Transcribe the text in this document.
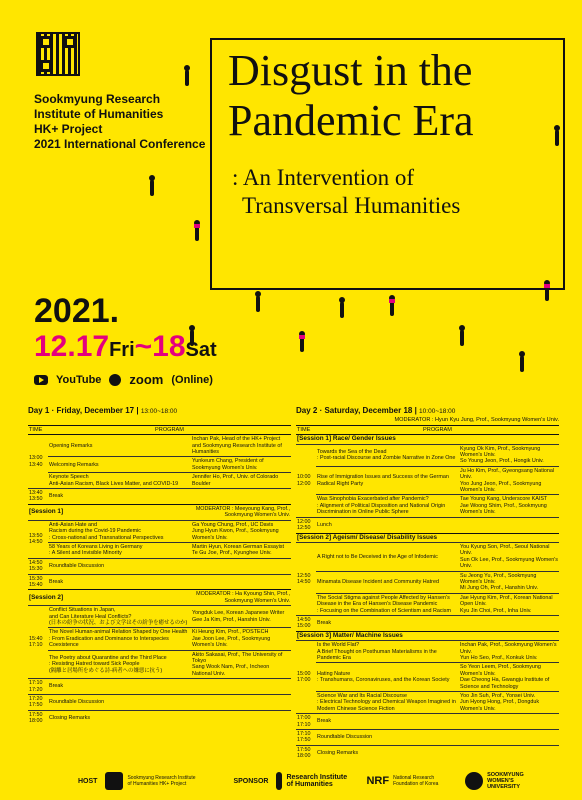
Sookmyung Research
Institute of Humanities
HK+ Project
2021 International Conference
Disgust in the
Pandemic Era
: An Intervention of
Transversal Humanities
2021.
12.17Fri~18Sat
YouTube zoom (Online)
Day 1 · Friday, December 17 | 13:00~18:00
TIME	PROGRAM	
13:00
13:40	Opening Remarks	Inchan Pak, Head of the HK+ Project and Sookmyung Research Institute of Humanities
	Welcoming Remarks	Yunkeum Chang, President of Sookmyung Women's Univ.
	Keynote Speech
Anti-Asian Racism, Black Lives Matter, and COVID-19	Jennifer Ho, Prof., Univ. of Colorado Boulder
13:40
13:50	Break	
[Session 1]		MODERATOR : Meeyoung Kang, Prof., Sookmyung Women's Univ.
13:50
14:50	Anti-Asian Hate and
Racism during the Covid-19 Pandemic
: Cross-national and Transnational Perspectives	Ga Young Chung, Prof., UC Davis
Jung Hyun Kwon, Prof., Sookmyung Women's Univ.
	58 Years of Koreans Living in Germany
: A Silent and Invisible Minority	Martin Hyun, Korean German Essayist
Te Gu Joe, Prof., Kyunghee Univ.
14:50
15:30	Roundtable Discussion	
15:30
15:40	Break	
[Session 2]		MODERATOR : Ha Kyoung Shin, Prof., Sookmyung Women's Univ.
15:40
17:10	Conflict Situations in Japan,
and Can Literature Heal Conflicts?
(日本の紛争の状況、および文学はその紛争を癒せるのか)	Yongduk Lee, Korean Japanese Writer
Gee Ja Kim, Prof., Hanshin Univ.
	The Novel Human-animal Relation Shaped by One Health
: From Eradication and Dominance to Interspecies Coexistence	Ki Heung Kim, Prof., POSTECH
Jae Joon Lee, Prof., Sookmyung Women's Univ.
	The Poetry about Quarantine and the Third Place
: Resisting Hatred toward Sick People
(隔離と居場所をめぐる詩-病者への嫌悪に抗う)	Akito Sakasai, Prof., The University of Tokyo
Sang Wook Nam, Prof., Incheon National Univ.
17:10
17:20	Break	
17:20
17:50	Roundtable Discussion	
17:50
18:00	Closing Remarks	
Day 2 · Saturday, December 18 | 10:00~18:00
MODERATOR : Hyun Kyu Jung, Prof., Sookmyung Women's Univ.
TIME	PROGRAM	
[Session 1] Race/ Gender Issues		
10:00
12:00	Towards the Sea of the Dead
: Post-racial Discourse and Zombie Narrative in Zone One	Kyung Ok Kim, Prof., Sookmyung Women's Univ.
So Young Jeon, Prof., Hongik Univ.
	Rise of Immigration Issues and Success of the German Radical Right Party	Ju Ho Kim, Prof., Gyeongsang National Univ.
Yoo Jung Jeon, Prof., Sookmyung Women's Univ.
	Was Sinophobia Exacerbated after Pandemic?
: Alignment of Political Disposition and National Origin Discrimination in Online Public Sphere	Tae Young Kang, Underscore KAIST
Jae Woong Shim, Prof., Sookmyung Women's Univ.
12:00
12:50	Lunch	
[Session 2] Ageism/ Disease/ Disability Issues		
12:50
14:50	A Right not to Be Deceived in the Age of Infodemic	You Kyung Son, Prof., Seoul National Univ.
Sun Ok Lee, Prof., Sookmyung Women's Univ.
	Minamata Disease Incident and Community Hatred	Su Jeong Yu, Prof., Sookmyung Women's Univ.
Mi Jung Oh, Prof., Hanshin Univ.
	The Social Stigma against People Affected by Hansen's Disease in the Era of Hansen's Disease Pandemic
: Focusing on the Combination of Scientism and Racism	Jae Hyung Kim, Prof., Korean National Open Univ.
Kyu Jin Choi, Prof., Inha Univ.
14:50
15:00	Break	
[Session 3] Matter/ Machine Issues		
15:00
17:00	Is the World Flat?
A Brief Thought on Posthuman Materialisms in the Pandemic Era	Inchan Pak, Prof., Sookmyung Women's Univ.
Yun Ho Seo, Prof., Konkuk Univ.
	Hating Nature
: Transhumans, Coronaviruses, and the Korean Society	So Yeon Leem, Prof., Sookmyung Women's Univ.
Dae Cheong Ha, Gwangju Institute of Science and Technology
	Science War and Its Racial Discourse
: Electrical Technology and Chemical Weapon Imagined in Modern Chinese Science Fiction	Yoo Jin Suh, Prof., Yonsei Univ.
Jun Hyong Hong, Prof., Dongduk Women's Univ.
17:00
17:10	Break	
17:10
17:50	Roundtable Discussion	
17:50
18:00	Closing Remarks	
HOST	Sookmyung Research Institute of Humanities HK+ Project	SPONSOR	Research Institute of Humanities	NRF National Research Foundation of Korea
SOOKMYUNG WOMEN'S UNIVERSITY
